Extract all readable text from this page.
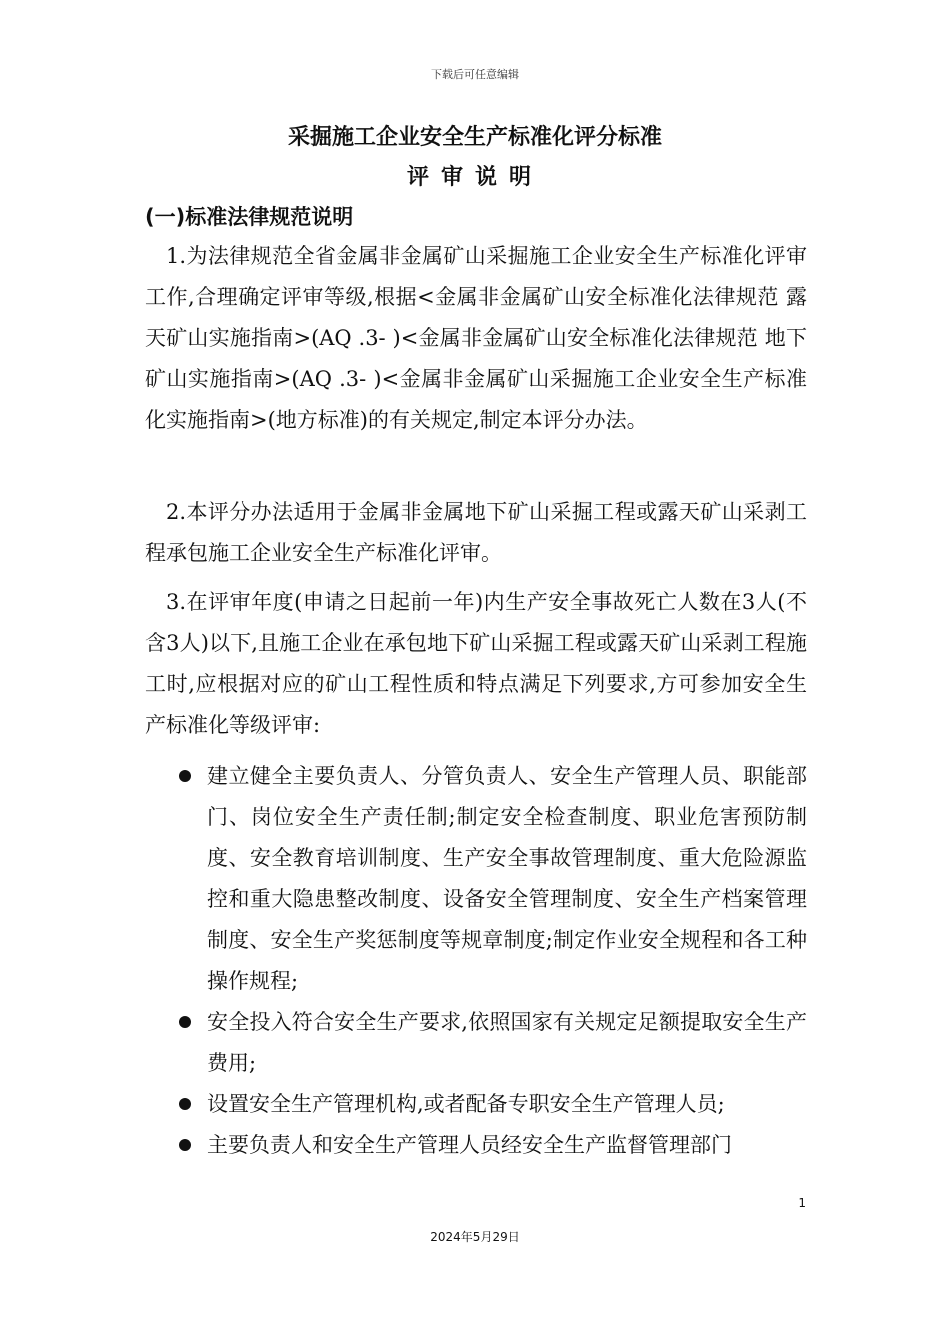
下载后可任意编辑
采掘施工企业安全生产标准化评分标准
评审说明
(一)标准法律规范说明

1.为法律规范全省金属非金属矿山采掘施工企业安全生产标准化评审工作,合理确定评审等级,根据<金属非金属矿山安全标准化法律规范 露天矿山实施指南>(AQ .3- )<金属非金属矿山安全标准化法律规范 地下矿山实施指南>(AQ .3- )<金属非金属矿山采掘施工企业安全生产标准化实施指南>(地方标准)的有关规定,制定本评分办法。

2.本评分办法适用于金属非金属地下矿山采掘工程或露天矿山采剥工程承包施工企业安全生产标准化评审。

3.在评审年度(申请之日起前一年)内生产安全事故死亡人数在3人(不含3人)以下,且施工企业在承包地下矿山采掘工程或露天矿山采剥工程施工时,应根据对应的矿山工程性质和特点满足下列要求,方可参加安全生产标准化等级评审:

建立健全主要负责人、分管负责人、安全生产管理人员、职能部门、岗位安全生产责任制;制定安全检查制度、职业危害预防制度、安全教育培训制度、生产安全事故管理制度、重大危险源监控和重大隐患整改制度、设备安全管理制度、安全生产档案管理制度、安全生产奖惩制度等规章制度;制定作业安全规程和各工种操作规程;
安全投入符合安全生产要求,依照国家有关规定足额提取安全生产费用;
设置安全生产管理机构,或者配备专职安全生产管理人员;
主要负责人和安全生产管理人员经安全生产监督管理部门
1
2024年5月29日
